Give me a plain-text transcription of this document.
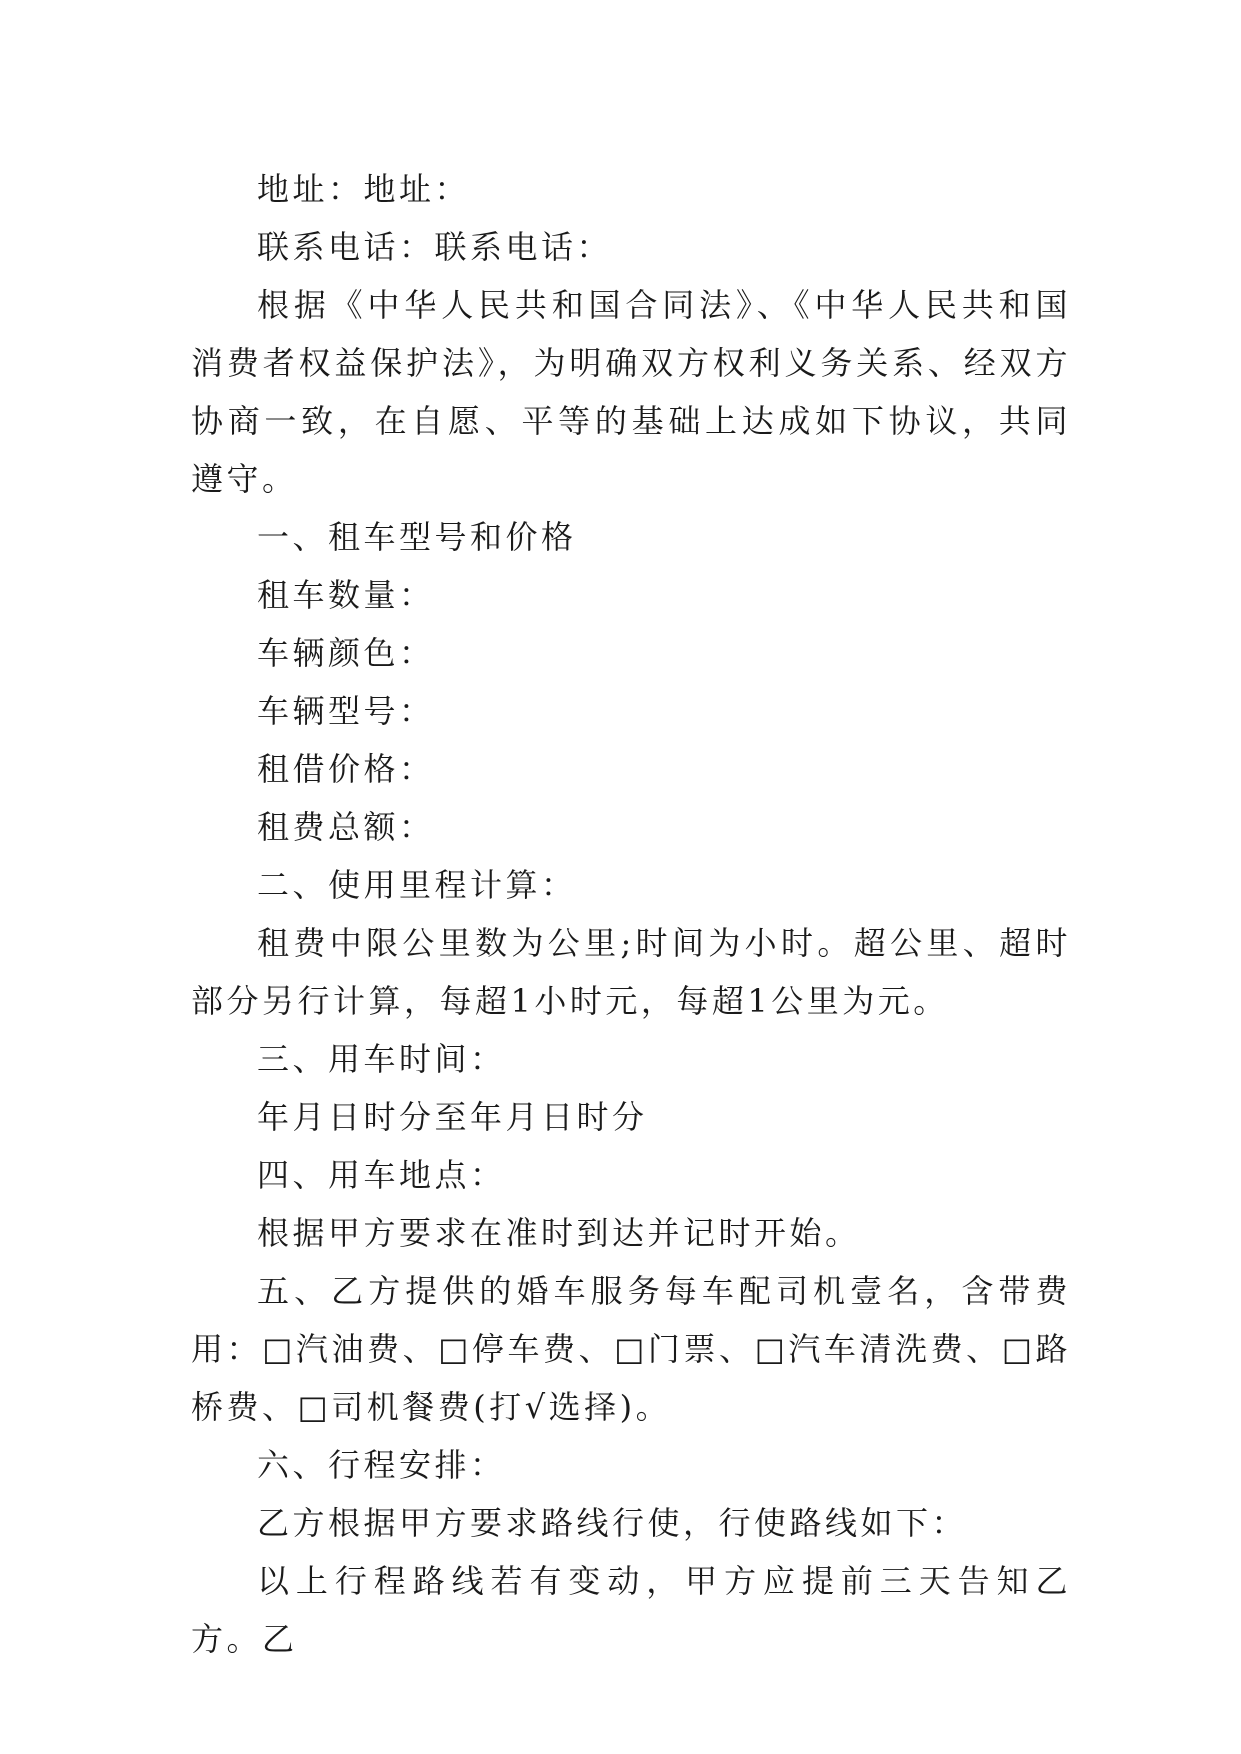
地址：地址：

联系电话：联系电话：

根据《中华人民共和国合同法》、《中华人民共和国消费者权益保护法》，为明确双方权利义务关系、经双方协商一致，在自愿、平等的基础上达成如下协议，共同遵守。

一、租车型号和价格

租车数量：

车辆颜色：

车辆型号：

租借价格：

租费总额：

二、使用里程计算：

租费中限公里数为公里;时间为小时。超公里、超时部分另行计算，每超1小时元，每超1公里为元。

三、用车时间：

年月日时分至年月日时分

四、用车地点：

根据甲方要求在准时到达并记时开始。

五、乙方提供的婚车服务每车配司机壹名，含带费用：□汽油费、□停车费、□门票、□汽车清洗费、□路桥费、□司机餐费(打√选择)。

六、行程安排：

乙方根据甲方要求路线行使，行使路线如下：

以上行程路线若有变动，甲方应提前三天告知乙方。乙
